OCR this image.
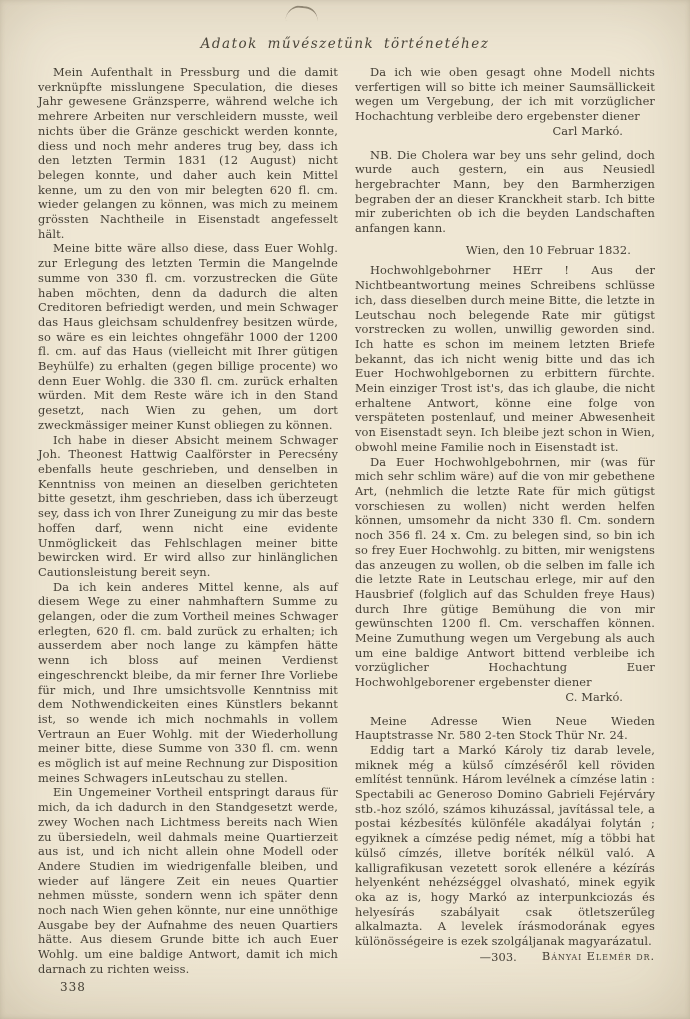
Adatok művészetünk történetéhez

Mein Aufenthalt in Pressburg und die damit verknüpfte misslungene Speculation, die dieses Jahr gewesene Gränzsperre, während welche ich mehrere Arbeiten nur verschleidern musste, weil nichts über die Gränze geschickt werden konnte, diess und noch mehr anderes trug bey, dass ich den letzten Termin 1831 (12 August) nicht belegen konnte, und daher auch kein Mittel kenne, um zu den von mir belegten 620 fl. cm. wieder gelangen zu können, was mich zu meinem grössten Nachtheile in Eisenstadt angefesselt hält.

Meine bitte wäre allso diese, dass Euer Wohlg. zur Erlegung des letzten Termin die Mangelnde summe von 330 fl. cm. vorzustrecken die Güte haben möchten, denn da dadurch die alten Creditoren befriedigt werden, und mein Schwager das Haus gleichsam schuldenfrey besitzen würde, so wäre es ein leichtes ohngefähr 1000 der 1200 fl. cm. auf das Haus (vielleicht mit Ihrer gütigen Beyhülfe) zu erhalten (gegen billige procente) wo denn Euer Wohlg. die 330 fl. cm. zurück erhalten würden. Mit dem Reste wäre ich in den Stand gesetzt, nach Wien zu gehen, um dort zweckmässiger meiner Kunst obliegen zu können.

Ich habe in dieser Absicht meinem Schwager Joh. Theonest Hattwig Caalförster in Perecsény ebenfalls heute geschrieben, und denselben in Kenntniss von meinen an dieselben gerichteten bitte gesetzt, ihm geschrieben, dass ich überzeugt sey, dass ich von Ihrer Zuneigung zu mir das beste hoffen darf, wenn nicht eine evidente Unmöglickeit das Fehlschlagen meiner bitte bewircken wird. Er wird allso zur hinlänglichen Cautionsleistung bereit seyn.

Da ich kein anderes Mittel kenne, als auf diesem Wege zu einer nahmhaftern Summe zu gelangen, oder die zum Vortheil meines Schwager erlegten, 620 fl. cm. bald zurück zu erhalten; ich ausserdem aber noch lange zu kämpfen hätte wenn ich bloss auf meinen Verdienst eingeschrenckt bleibe, da mir ferner Ihre Vorliebe für mich, und Ihre umsichtsvolle Kenntniss mit dem Nothwendickeiten eines Künstlers bekannt ist, so wende ich mich nochmahls in vollem Vertraun an Euer Wohlg. mit der Wiederhollung meiner bitte, diese Summe von 330 fl. cm. wenn es möglich ist auf meine Rechnung zur Disposition meines Schwagers inLeutschau zu stellen.

Ein Ungemeiner Vortheil entspringt daraus für mich, da ich dadurch in den Standgesetzt werde, zwey Wochen nach Lichtmess bereits nach Wien zu übersiedeln, weil dahmals meine Quartierzeit aus ist, und ich nicht allein ohne Modell oder Andere Studien im wiedrigenfalle bleiben, und wieder auf längere Zeit ein neues Quartier nehmen müsste, sondern wenn ich später denn noch nach Wien gehen könnte, nur eine unnöthige Ausgabe bey der Aufnahme des neuen Quartiers hätte. Aus diesem Grunde bitte ich auch Euer Wohlg. um eine baldige Antwort, damit ich mich darnach zu richten weiss.

338

Da ich wie oben gesagt ohne Modell nichts verfertigen will so bitte ich meiner Saumsällickeit wegen um Vergebung, der ich mit vorzüglicher Hochachtung verbleibe dero ergebenster diener

Carl Markó.

NB. Die Cholera war bey uns sehr gelind, doch wurde auch gestern, ein aus Neusiedl hergebrachter Mann, bey den Barmherzigen begraben der an dieser Kranckheit starb. Ich bitte mir zuberichten ob ich die beyden Landschaften anfangen kann.

Wien, den 10 Februar 1832.

Hochwohlgebohrner HErr ! Aus der Nichtbeantwortung meines Schreibens schlüsse ich, dass dieselben durch meine Bitte, die letzte in Leutschau noch belegende Rate mir gütigst vorstrecken zu wollen, unwillig geworden sind. Ich hatte es schon im meinem letzten Briefe bekannt, das ich nicht wenig bitte und das ich Euer Hochwohlgebornen zu erbittern fürchte. Mein einziger Trost ist's, das ich glaube, die nicht erhaltene Antwort, könne eine folge von verspäteten postenlauf, und meiner Abwesenheit von Eisenstadt seyn. Ich bleibe jezt schon in Wien, obwohl meine Familie noch in Eisenstadt ist.

Da Euer Hochwohlgebohrnen, mir (was für mich sehr schlim wäre) auf die von mir gebethene Art, (nehmlich die letzte Rate für mich gütigst vorschiesen zu wollen) nicht werden helfen können, umsomehr da nicht 330 fl. Cm. sondern noch 356 fl. 24 x. Cm. zu belegen sind, so bin ich so frey Euer Hochwohlg. zu bitten, mir wenigstens das anzeugen zu wollen, ob die selben im falle ich die letzte Rate in Leutschau erlege, mir auf den Hausbrief (folglich auf das Schulden freye Haus) durch Ihre gütige Bemühung die von mir gewünschten 1200 fl. Cm. verschaffen können. Meine Zumuthung wegen um Vergebung als auch um eine baldige Antwort bittend verbleibe ich vorzüglicher Hochachtung Euer Hochwohlgeborener ergebenster diener

C. Markó.

Meine Adresse Wien Neue Wieden Hauptstrasse Nr. 580 2-ten Stock Thür Nr. 24.

Eddig tart a Markó Károly tiz darab levele, miknek még a külső címzéséről kell röviden említést tennünk. Három levélnek a címzése latin : Spectabili ac Generoso Domino Gabrieli Fejérváry stb.-hoz szóló, számos kihuzással, javítással tele, a postai kézbesítés különféle akadályai folytán ; egyiknek a címzése pedig német, míg a többi hat külső címzés, illetve boríték nélkül való. A kalligrafikusan vezetett sorok ellenére a kézírás helyenként nehézséggel olvasható, minek egyik oka az is, hogy Markó az interpunkciozás és helyesírás szabályait csak ötletszerűleg alkalmazta. A levelek írásmodorának egyes különösségeire is ezek szolgáljanak magyarázatul.
Bányai Elemér dr.

—303.
